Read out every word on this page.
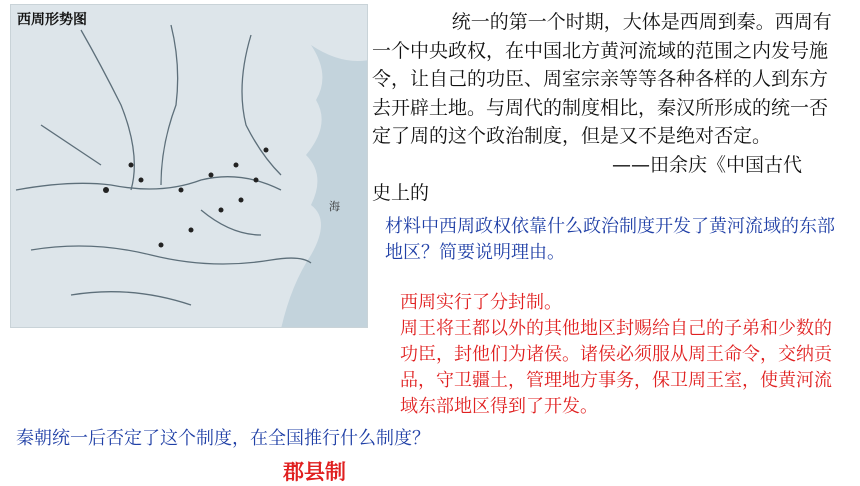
海
西周形势图	统一的第一个时期，大体是西周到秦。西周有一个中央政权，在中国北方黄河流域的范围之内发号施令，让自己的功臣、周室宗亲等等各种各样的人到东方去开辟土地。与周代的制度相比，秦汉所形成的统一否定了周的这个政治制度，但是又不是绝对否定。
——田余庆《中国古代
史上的
材料中西周政权依靠什么政治制度开发了黄河流域的东部地区？简要说明理由。
西周实行了分封制。
周王将王都以外的其他地区封赐给自己的子弟和少数的功臣，封他们为诸侯。诸侯必须服从周王命令，交纳贡品，守卫疆土，管理地方事务，保卫周王室，使黄河流域东部地区得到了开发。
秦朝统一后否定了这个制度，在全国推行什么制度？
郡县制
